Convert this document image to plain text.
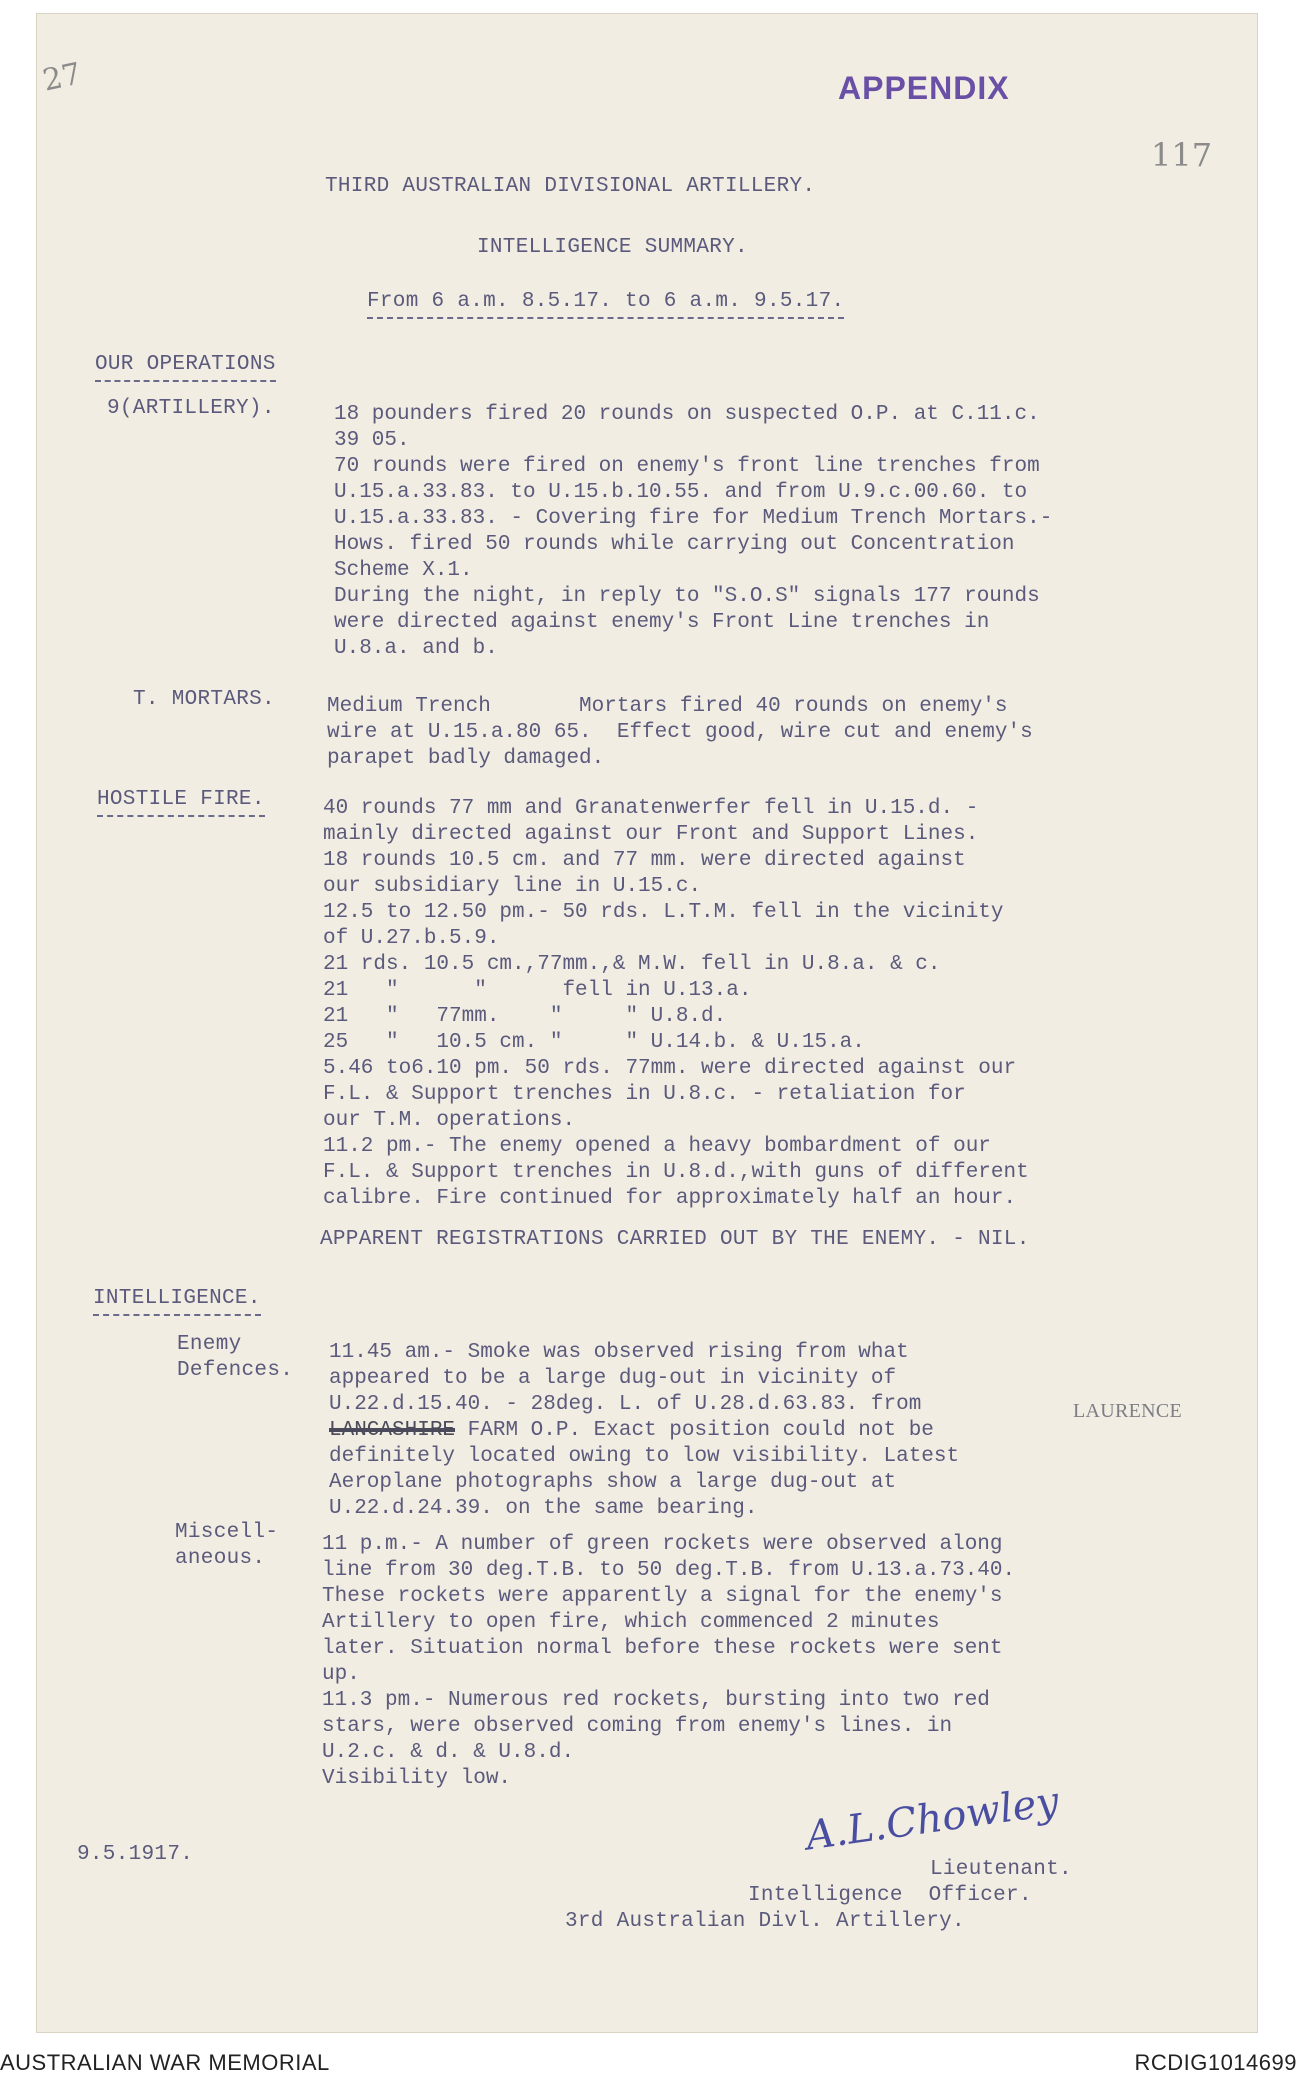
27	APPENDIX
117
THIRD AUSTRALIAN DIVISIONAL ARTILLERY.
INTELLIGENCE SUMMARY.
From 6 a.m. 8.5.17. to 6 a.m. 9.5.17.
OUR OPERATIONS
9(ARTILLERY).	18 pounders fired 20 rounds on suspected O.P. at C.11.c.
39 05.
70 rounds were fired on enemy's front line trenches from
U.15.a.33.83. to U.15.b.10.55. and from U.9.c.00.60. to
U.15.a.33.83. - Covering fire for Medium Trench Mortars.-
Hows. fired 50 rounds while carrying out Concentration
Scheme X.1.
During the night, in reply to "S.O.S" signals 177 rounds
were directed against enemy's Front Line trenches in
U.8.a. and b.
T. MORTARS. Medium Trench       Mortars fired 40 rounds on enemy's
wire at U.15.a.80 65.  Effect good, wire cut and enemy's
parapet badly damaged.
HOSTILE FIRE.	40 rounds 77 mm and Granatenwerfer fell in U.15.d. -
mainly directed against our Front and Support Lines.
18 rounds 10.5 cm. and 77 mm. were directed against
our subsidiary line in U.15.c.
12.5 to 12.50 pm.- 50 rds. L.T.M. fell in the vicinity
of U.27.b.5.9.
21 rds. 10.5 cm.,77mm.,& M.W. fell in U.8.a. & c.
21   "      "      fell in U.13.a.
21   "   77mm.    "     " U.8.d.
25   "   10.5 cm. "     " U.14.b. & U.15.a.
5.46 to6.10 pm. 50 rds. 77mm. were directed against our
F.L. & Support trenches in U.8.c. - retaliation for
our T.M. operations.
11.2 pm.- The enemy opened a heavy bombardment of our
F.L. & Support trenches in U.8.d.,with guns of different
calibre. Fire continued for approximately half an hour.
APPARENT REGISTRATIONS CARRIED OUT BY THE ENEMY. - NIL.
INTELLIGENCE.
Enemy
Defences.
11.45 am.- Smoke was observed rising from what
appeared to be a large dug-out in vicinity of
U.22.d.15.40. - 28deg. L. of U.28.d.63.83. from
LANCASHIRE FARM O.P. Exact position could not be
definitely located owing to low visibility. Latest
Aeroplane photographs show a large dug-out at
U.22.d.24.39. on the same bearing.
LAURENCE
Miscell-
aneous.
11 p.m.- A number of green rockets were observed along
line from 30 deg.T.B. to 50 deg.T.B. from U.13.a.73.40.
These rockets were apparently a signal for the enemy's
Artillery to open fire, which commenced 2 minutes
later. Situation normal before these rockets were sent
up.
11.3 pm.- Numerous red rockets, bursting into two red
stars, were observed coming from enemy's lines. in
U.2.c. & d. & U.8.d.
Visibility low.
9.5.1917.	A.L.Chowley
Lieutenant.
Intelligence  Officer.
3rd Australian Divl. Artillery.
AUSTRALIAN WAR MEMORIAL	RCDIG1014699
